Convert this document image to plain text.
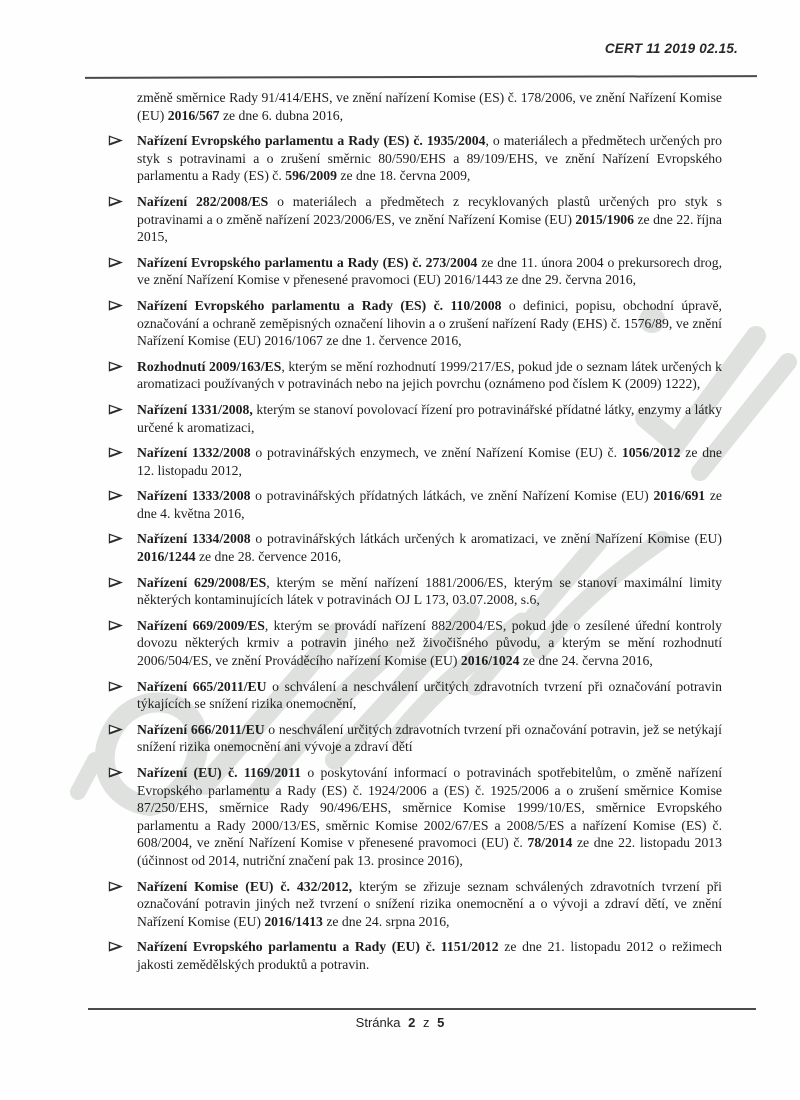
CERT 11 2019 02.15.

změně směrnice Rady 91/414/EHS, ve znění nařízení Komise (ES) č. 178/2006, ve znění Nařízení Komise (EU) 2016/567 ze dne 6. dubna 2016,

Nařízení Evropského parlamentu a Rady (ES) č. 1935/2004, o materiálech a předmětech určených pro styk s potravinami a o zrušení směrnic 80/590/EHS a 89/109/EHS, ve znění Nařízení Evropského parlamentu a Rady (ES) č. 596/2009 ze dne 18. června 2009,
Nařízení 282/2008/ES o materiálech a předmětech z recyklovaných plastů určených pro styk s potravinami a o změně nařízení 2023/2006/ES, ve znění Nařízení Komise (EU) 2015/1906 ze dne 22. října 2015,
Nařízení Evropského parlamentu a Rady (ES) č. 273/2004 ze dne 11. února 2004 o prekursorech drog, ve znění Nařízení Komise v přenesené pravomoci (EU) 2016/1443 ze dne 29. června 2016,
Nařízení Evropského parlamentu a Rady (ES) č. 110/2008 o definici, popisu, obchodní úpravě, označování a ochraně zeměpisných označení lihovin a o zrušení nařízení Rady (EHS) č. 1576/89, ve znění Nařízení Komise (EU) 2016/1067 ze dne 1. července 2016,
Rozhodnutí 2009/163/ES, kterým se mění rozhodnutí 1999/217/ES, pokud jde o seznam látek určených k aromatizaci používaných v potravinách nebo na jejich povrchu (oznámeno pod číslem K (2009) 1222),
Nařízení 1331/2008, kterým se stanoví povolovací řízení pro potravinářské přídatné látky, enzymy a látky určené k aromatizaci,
Nařízení 1332/2008 o potravinářských enzymech, ve znění Nařízení Komise (EU) č. 1056/2012 ze dne 12. listopadu 2012,
Nařízení 1333/2008 o potravinářských přídatných látkách, ve znění Nařízení Komise (EU) 2016/691 ze dne 4. května 2016,
Nařízení 1334/2008 o potravinářských látkách určených k aromatizaci, ve znění Nařízení Komise (EU) 2016/1244 ze dne 28. července 2016,
Nařízení 629/2008/ES, kterým se mění nařízení 1881/2006/ES, kterým se stanoví maximální limity některých kontaminujících látek v potravinách OJ L 173, 03.07.2008, s.6,
Nařízení 669/2009/ES, kterým se provádí nařízení 882/2004/ES, pokud jde o zesílené úřední kontroly dovozu některých krmiv a potravin jiného než živočišného původu, a kterým se mění rozhodnutí 2006/504/ES, ve znění Prováděcího nařízení Komise (EU) 2016/1024 ze dne 24. června 2016,
Nařízení 665/2011/EU o schválení a neschválení určitých zdravotních tvrzení při označování potravin týkajících se snížení rizika onemocnění,
Nařízení 666/2011/EU o neschválení určitých zdravotních tvrzení při označování potravin, jež se netýkají snížení rizika onemocnění ani vývoje a zdraví dětí
Nařízení (EU) č. 1169/2011 o poskytování informací o potravinách spotřebitelům, o změně nařízení Evropského parlamentu a Rady (ES) č. 1924/2006 a (ES) č. 1925/2006 a o zrušení směrnice Komise 87/250/EHS, směrnice Rady 90/496/EHS, směrnice Komise 1999/10/ES, směrnice Evropského parlamentu a Rady 2000/13/ES, směrnic Komise 2002/67/ES a 2008/5/ES a nařízení Komise (ES) č. 608/2004, ve znění Nařízení Komise v přenesené pravomoci (EU) č. 78/2014 ze dne 22. listopadu 2013 (účinnost od 2014, nutriční značení pak 13. prosince 2016),
Nařízení Komise (EU) č. 432/2012, kterým se zřizuje seznam schválených zdravotních tvrzení při označování potravin jiných než tvrzení o snížení rizika onemocnění a o vývoji a zdraví dětí, ve znění Nařízení Komise (EU) 2016/1413 ze dne 24. srpna 2016,
Nařízení Evropského parlamentu a Rady (EU) č. 1151/2012 ze dne 21. listopadu 2012 o režimech jakosti zemědělských produktů a potravin.
Stránka 2 z 5
